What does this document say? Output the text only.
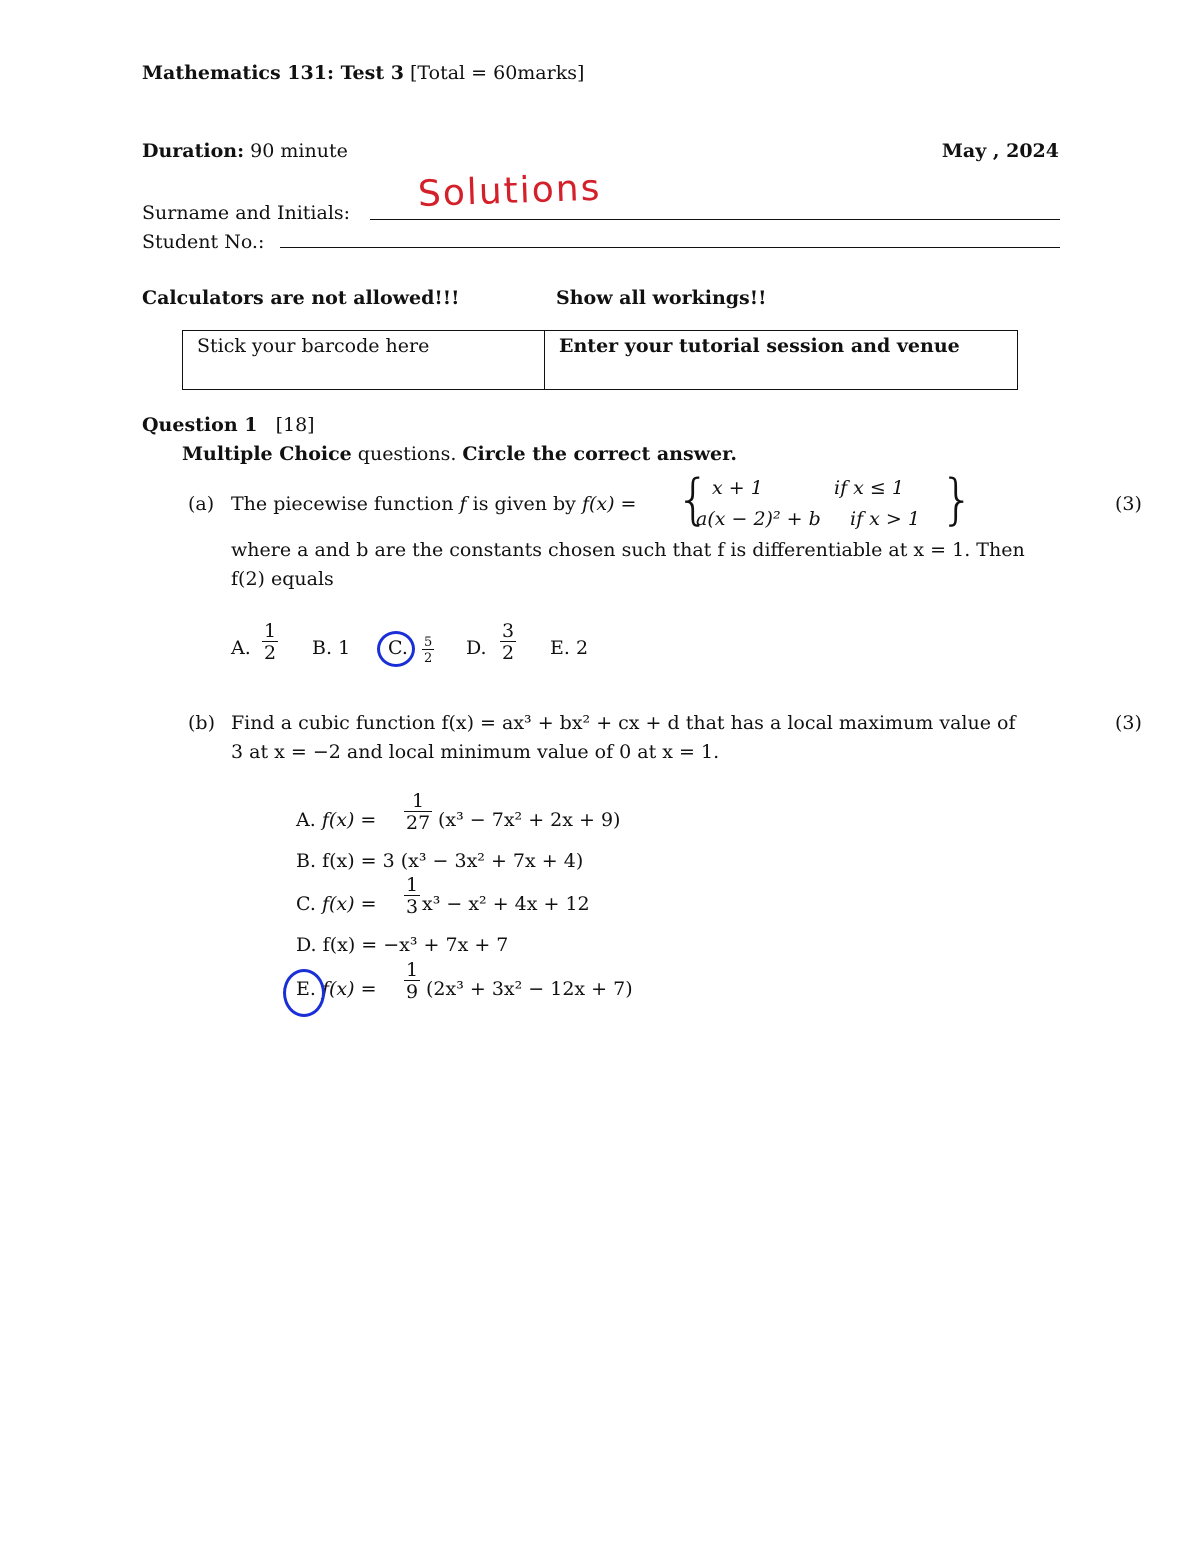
Mathematics 131: Test 3 [Total = 60marks]
Duration: 90 minute	May , 2024
Surname and Initials: Solutions
Student No.:
Calculators are not allowed!!!	Show all workings!!
Stick your barcode here	Enter your tutorial session and venue
Question 1 [18]
Multiple Choice questions. Circle the correct answer.
(a) The piecewise function f is given by f(x) = { x + 1	if x ≤ 1
a(x − 2)² + b if x > 1 }	(3)
where a and b are the constants chosen such that f is differentiable at x = 1. Then
f(2) equals
A. $\frac{1}{2} B$. 1 C. $\frac{5}{2} D$. $\frac{3}{2} E$. 2
(b) Find a cubic function f(x) = ax³ + bx² + cx + d that has a local maximum value of	(3)
3 at x = −2 and local minimum value of 0 at x = 1.
A. $f(x) = \frac{1}{27} (x^3 - 7x^2 + 2x + 9)$
B. f(x) = 3 (x³ − 3x² + 7x + 4)
C. $f(x) = \frac{1}{3} x^3 - x^2 + 4x + 12$
D. f(x) = −x³ + 7x + 7
E. $f(x) = \frac{1}{9} (2x^3 + 3x^2 - 12x + 7)$
